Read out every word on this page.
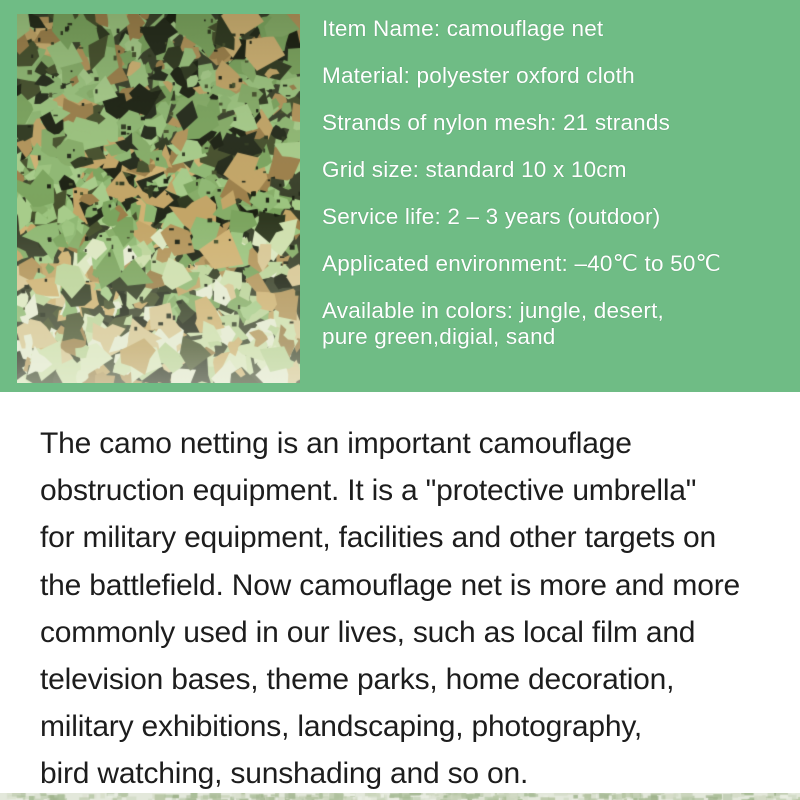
Item Name: camouflage net
Material: polyester oxford cloth
Strands of nylon mesh: 21 strands
Grid size: standard 10 x 10cm
Service life: 2 – 3 years (outdoor)
Applicated environment: –40℃ to 50℃
Available in colors: jungle, desert,
pure green,digial, sand

The camo netting is an important camouflage

obstruction equipment. It is a "protective umbrella"

for military equipment, facilities and other targets on

the battlefield. Now camouflage net is more and more

commonly used in our lives, such as local film and

television bases, theme parks, home decoration,

military exhibitions, landscaping, photography,

bird watching, sunshading and so on.
